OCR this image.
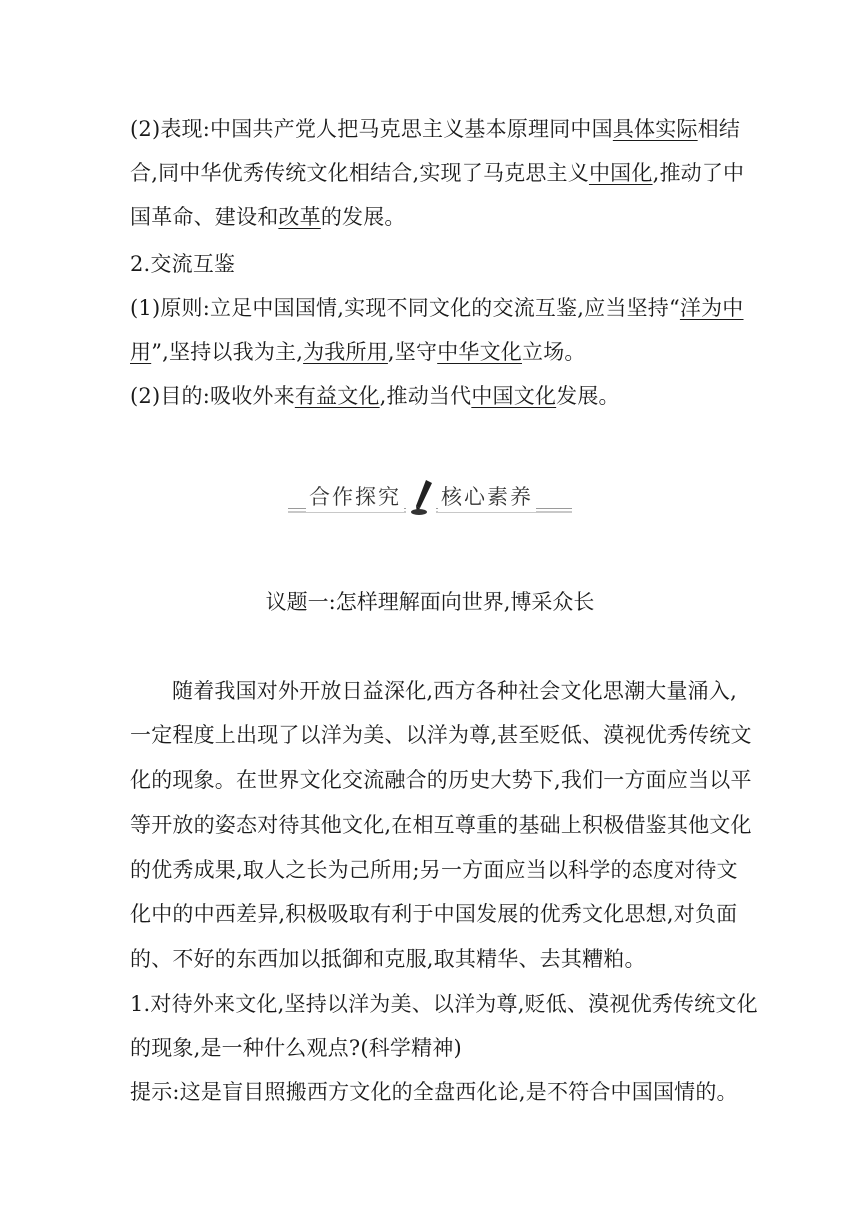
(2)表现:中国共产党人把马克思主义基本原理同中国具体实际相结
合,同中华优秀传统文化相结合,实现了马克思主义中国化,推动了中
国革命、建设和改革的发展。
2.交流互鉴
(1)原则:立足中国国情,实现不同文化的交流互鉴,应当坚持“洋为中
用”,坚持以我为主,为我所用,坚守中华文化立场。
(2)目的:吸收外来有益文化,推动当代中国文化发展。
合作探究 核心素养
议题一:怎样理解面向世界,博采众长
随着我国对外开放日益深化,西方各种社会文化思潮大量涌入,
一定程度上出现了以洋为美、以洋为尊,甚至贬低、漠视优秀传统文
化的现象。在世界文化交流融合的历史大势下,我们一方面应当以平
等开放的姿态对待其他文化,在相互尊重的基础上积极借鉴其他文化
的优秀成果,取人之长为己所用;另一方面应当以科学的态度对待文
化中的中西差异,积极吸取有利于中国发展的优秀文化思想,对负面
的、不好的东西加以抵御和克服,取其精华、去其糟粕。
1.对待外来文化,坚持以洋为美、以洋为尊,贬低、漠视优秀传统文化
的现象,是一种什么观点?(科学精神)
提示:这是盲目照搬西方文化的全盘西化论,是不符合中国国情的。
